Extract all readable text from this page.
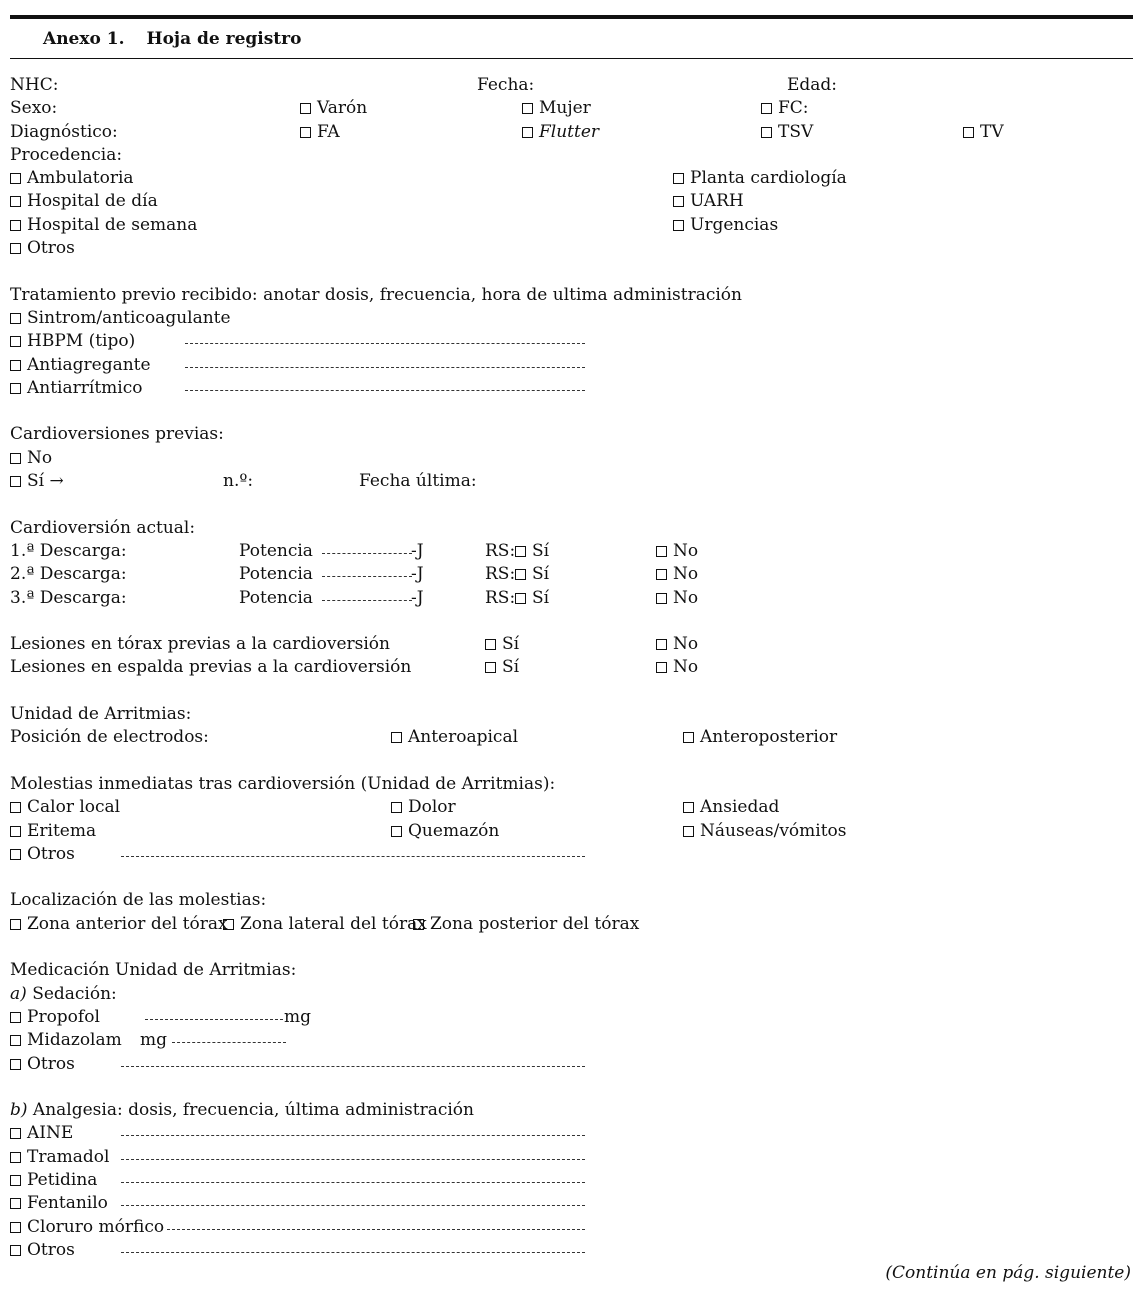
Anexo 1. Hoja de registro
NHC:	Fecha:	Edad:
Sexo:	Varón	Mujer	FC:
Diagnóstico:	FA	Flutter	TSV	TV
Procedencia:
Ambulatoria	Planta cardiología
Hospital de día	UARH
Hospital de semana	Urgencias
Otros
Tratamiento previo recibido: anotar dosis, frecuencia, hora de ultima administración
Sintrom/anticoagulante
HBPM (tipo)
Antiagregante
Antiarrítmico
Cardioversiones previas:
No
Sí →	n.º:	Fecha última:
Cardioversión actual:
1.ª Descarga:	Potencia	-J	RS: Sí	No
2.ª Descarga:	Potencia	-J	RS: Sí	No
3.ª Descarga:	Potencia	-J	RS: Sí	No
Lesiones en tórax previas a la cardioversión	Sí	No
Lesiones en espalda previas a la cardioversión	Sí	No
Unidad de Arritmias:
Posición de electrodos:	Anteroapical	Anteroposterior
Molestias inmediatas tras cardioversión (Unidad de Arritmias):
Calor local	Dolor	Ansiedad
Eritema	Quemazón	Náuseas/vómitos
Otros
Localización de las molestias:
Zona anterior del tórax Zona lateral del tórax Zona posterior del tórax
Medicación Unidad de Arritmias:
a) Sedación:
Propofol	mg
Midazolam mg
Otros
b) Analgesia: dosis, frecuencia, última administración
AINE
Tramadol
Petidina
Fentanilo
Cloruro mórfico
Otros
(Continúa en pág. siguiente)
